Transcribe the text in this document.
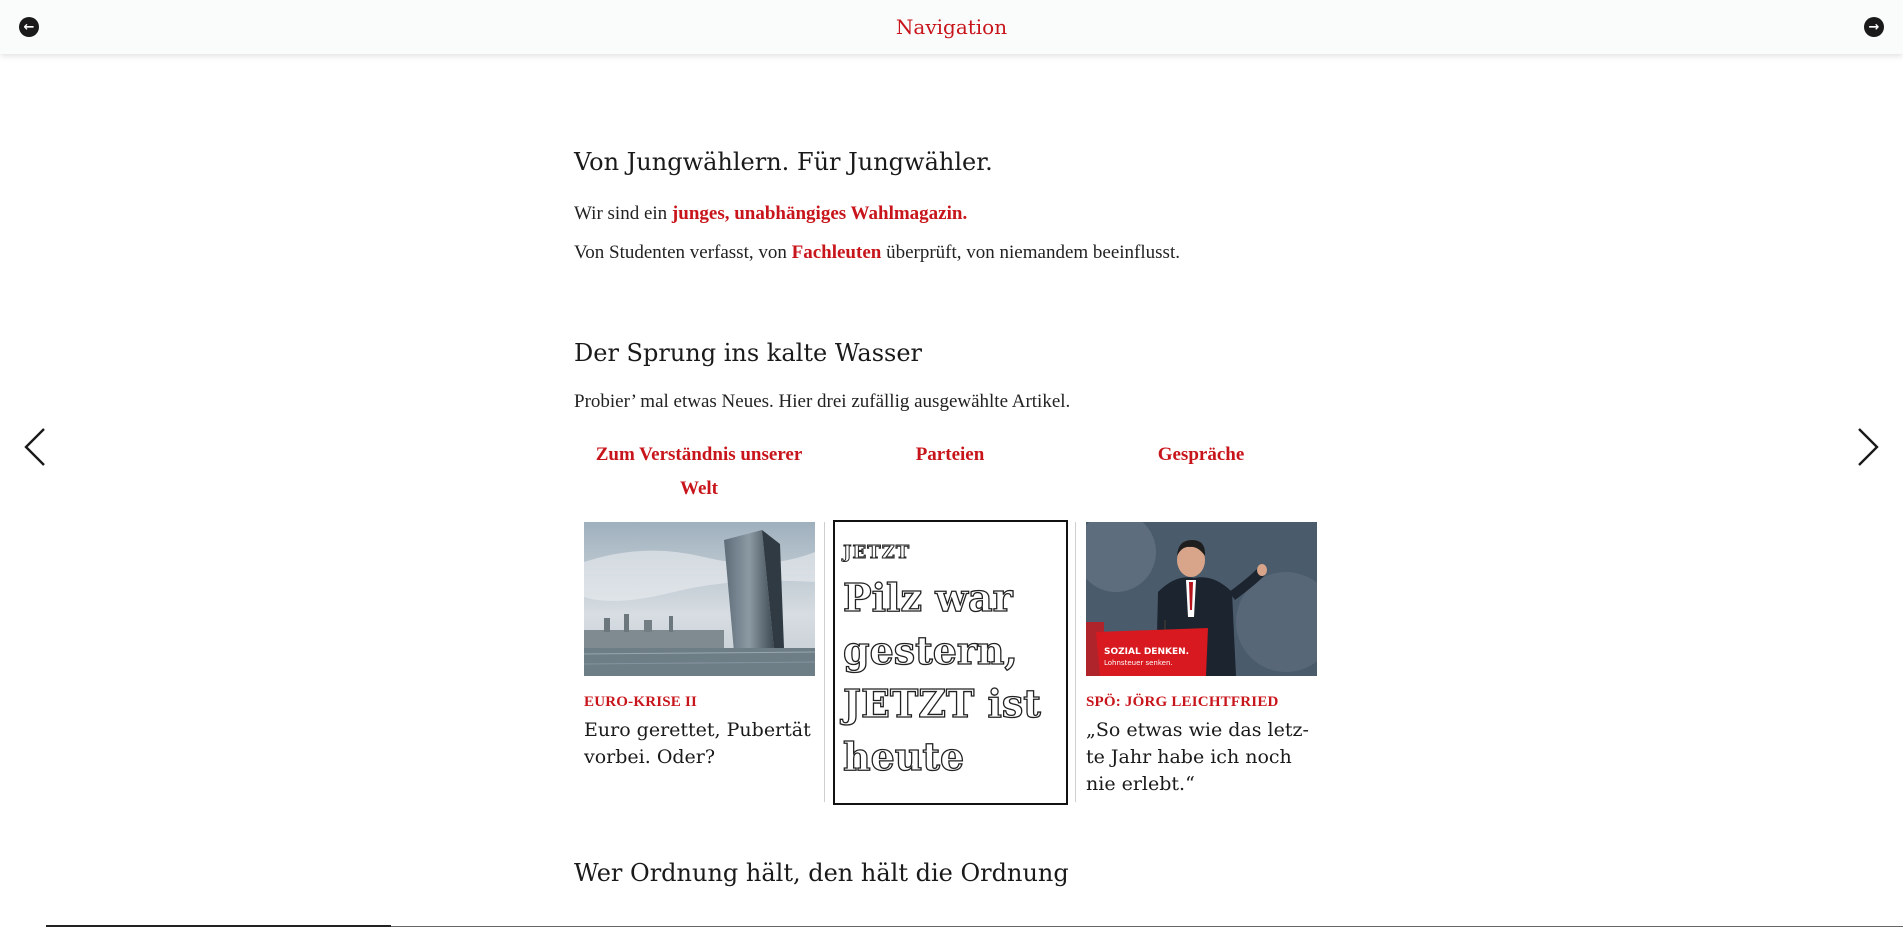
←	Navigation	→
Von Jungwählern. Für Jungwähler.

Wir sind ein junges, unabhängiges Wahlmagazin.

Von Studenten verfasst, von Fachleuten überprüft, von niemandem beeinflusst.

Der Sprung ins kalte Wasser

Probier’ mal etwas Neues. Hier drei zufällig ausgewählte Artikel.

Wer Ordnung hält, den hält die Ordnung
Zum Verständnis unserer Welt
Parteien	Gespräche
EURO-KRISE II
Euro gerettet, Pubertät vorbei. Oder?
JETZT
Pilz war gestern, JETZT ist heute
SOZIAL DENKEN.
Lohnsteuer senken.
SPÖ: JÖRG LEICHTFRIED
„So etwas wie das letz-te Jahr habe ich noch nie erlebt.“
